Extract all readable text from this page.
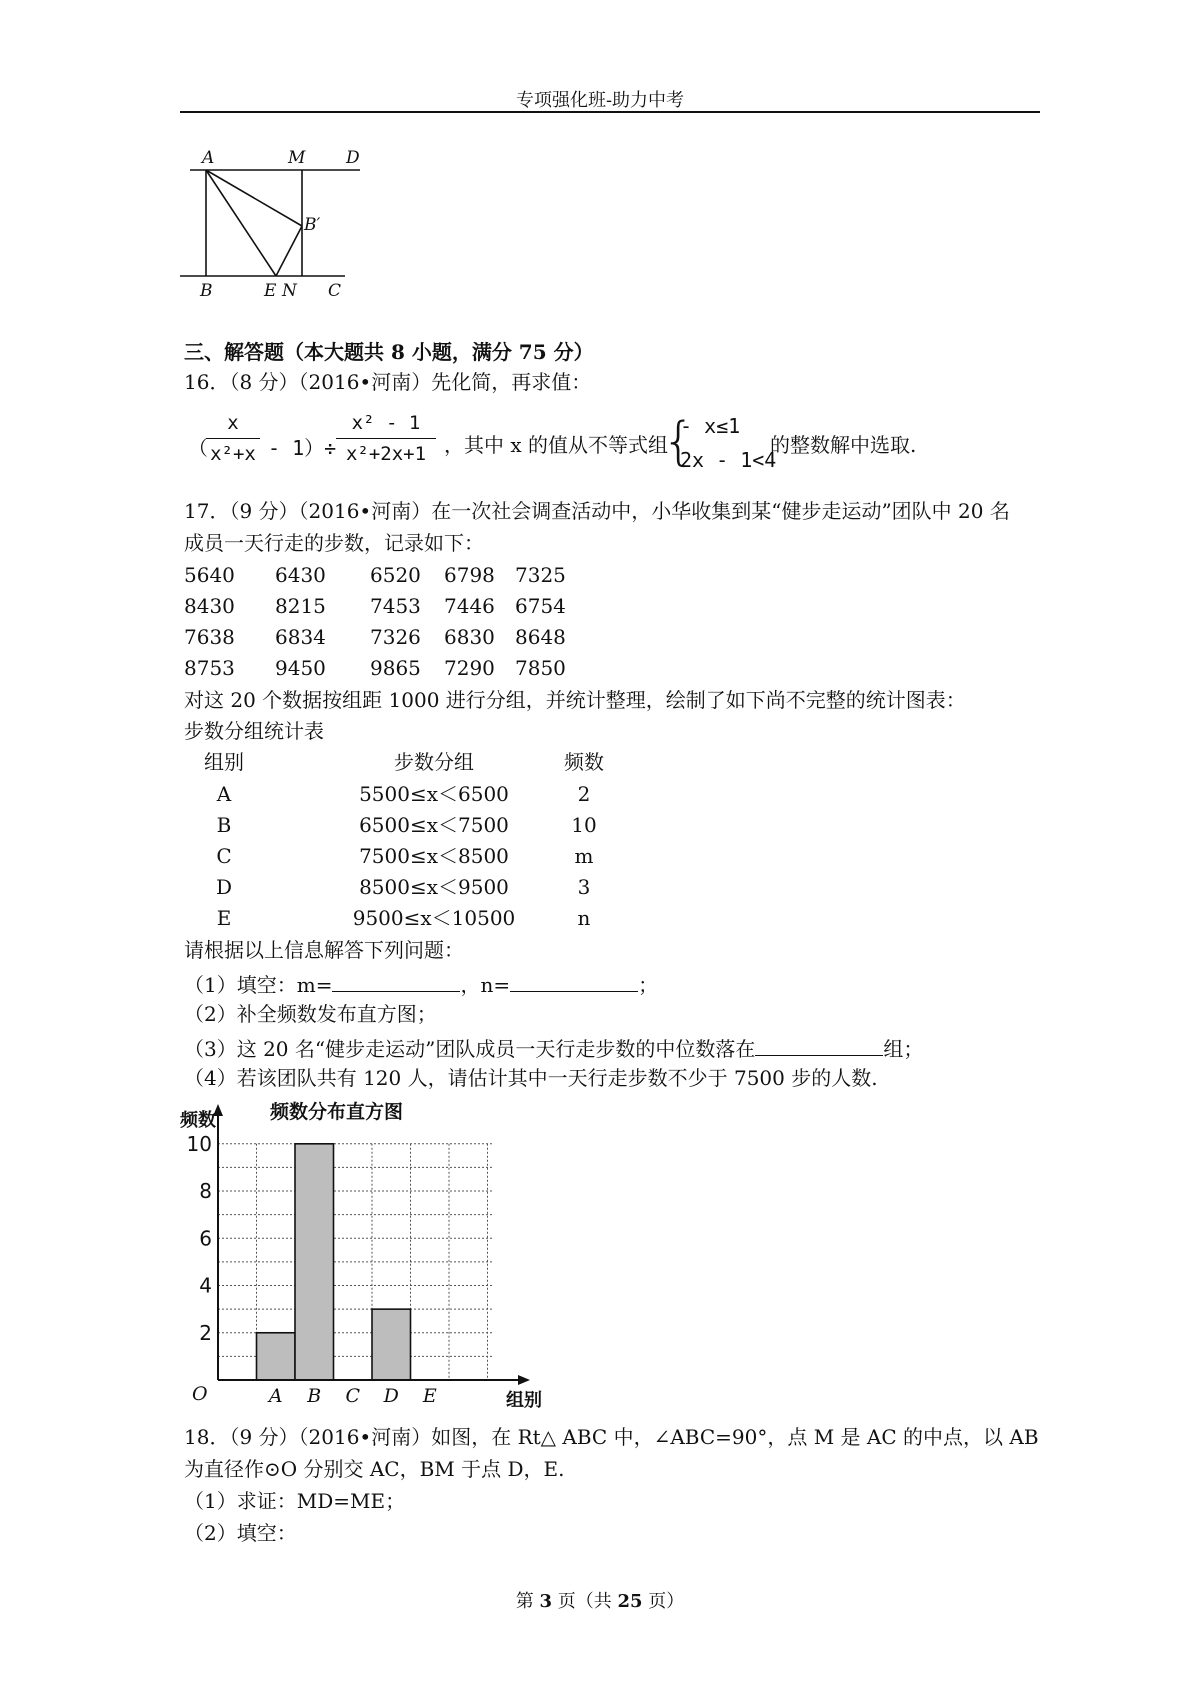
专项强化班-助力中考
A	M D
B′
B	E N C
三、解答题（本大题共 8 小题，满分 75 分）
16．（8 分）（2016•河南）先化简，再求值：
（
x
x²+x - 1）÷
x² - 1
x²+2x+1 ，其中 x 的值从不等式组
{
- x≤1
2x - 1<4
的整数解中选取.
17．（9 分）（2016•河南）在一次社会调查活动中，小华收集到某“健步走运动”团队中 20 名
成员一天行走的步数，记录如下：
5640 6430 6520 6798 7325
8430 8215 7453 7446 6754
7638 6834 7326 6830 8648
8753 9450 9865 7290 7850
对这 20 个数据按组距 1000 进行分组，并统计整理，绘制了如下尚不完整的统计图表：
步数分组统计表
组别	步数分组	频数
A	5500≤x＜6500	2
B	6500≤x＜7500	10
C	7500≤x＜8500	m
D	8500≤x＜9500	3
E	9500≤x＜10500	n
请根据以上信息解答下列问题：
（1）填空：m=	，n=	；
（2）补全频数发布直方图；
（3）这 20 名“健步走运动”团队成员一天行走步数的中位数落在	组；
（4）若该团队共有 120 人，请估计其中一天行走步数不少于 7500 步的人数.
2
4
6
8
10
A B C D E
频数分布直方图
频数
组别
O
18．（9 分）（2016•河南）如图，在 Rt△ ABC 中，∠ABC=90°，点 M 是 AC 的中点，以 AB
为直径作⊙O 分别交 AC，BM 于点 D，E.
（1）求证：MD=ME；
（2）填空：
第 3 页（共 25 页）
